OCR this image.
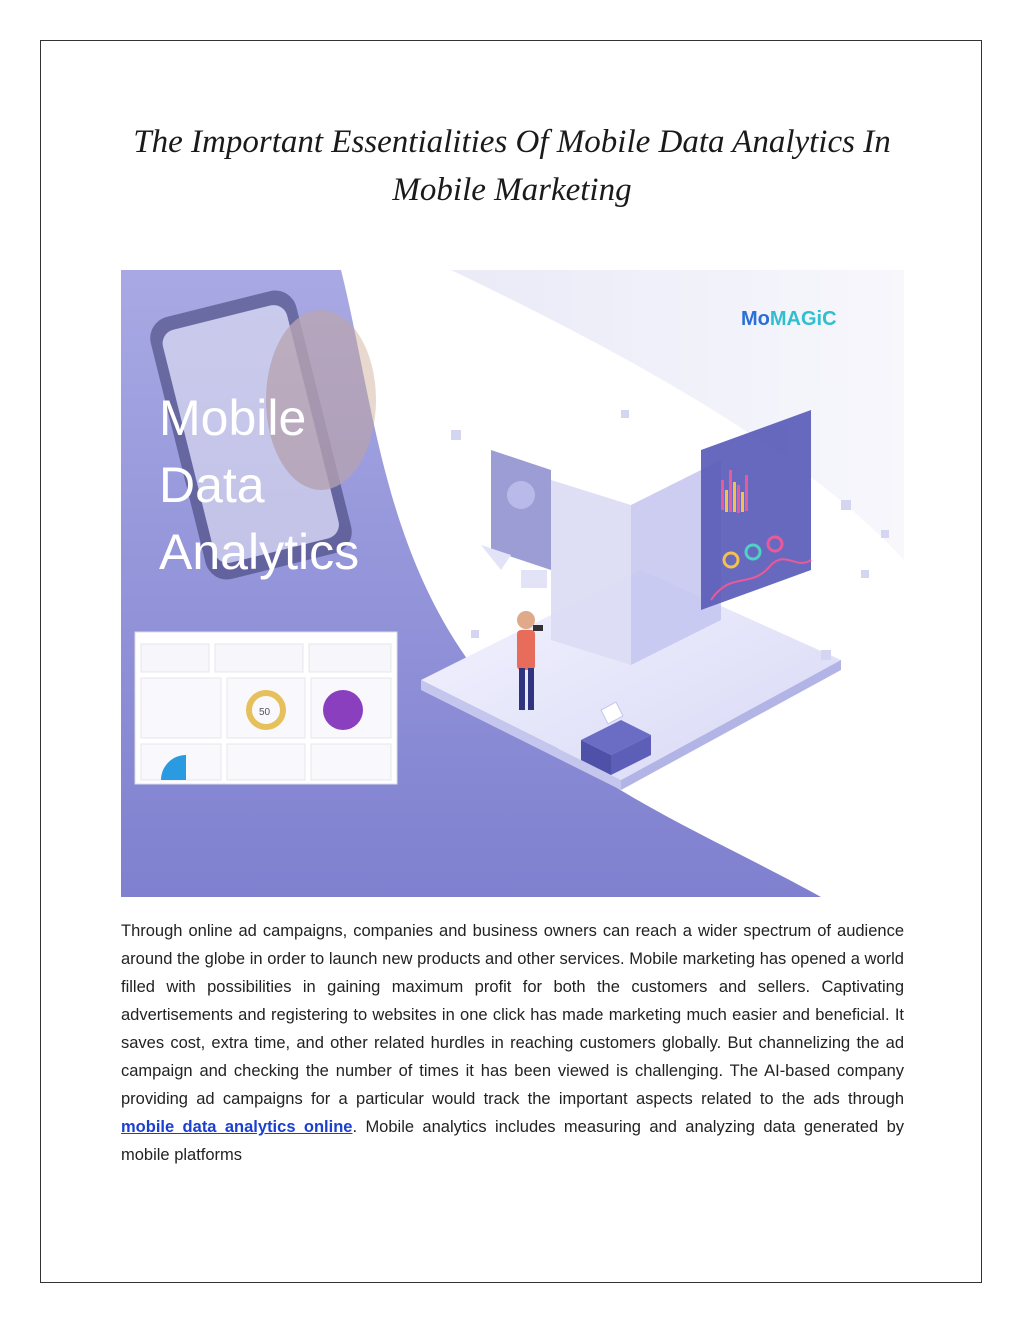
The Important Essentialities Of Mobile Data Analytics In
Mobile Marketing
Mobile
Data
Analytics
50
MoMAGiC

Through online ad campaigns, companies and business owners can reach a wider spectrum of audience around the globe in order to launch new products and other services. Mobile marketing has opened a world filled with possibilities in gaining maximum profit for both the customers and sellers. Captivating advertisements and registering to websites in one click has made marketing much easier and beneficial. It saves cost, extra time, and other related hurdles in reaching customers globally. But channelizing the ad campaign and checking the number of times it has been viewed is challenging. The AI-based company providing ad campaigns for a particular would track the important aspects related to the ads through mobile data analytics online. Mobile analytics includes measuring and analyzing data generated by mobile platforms
